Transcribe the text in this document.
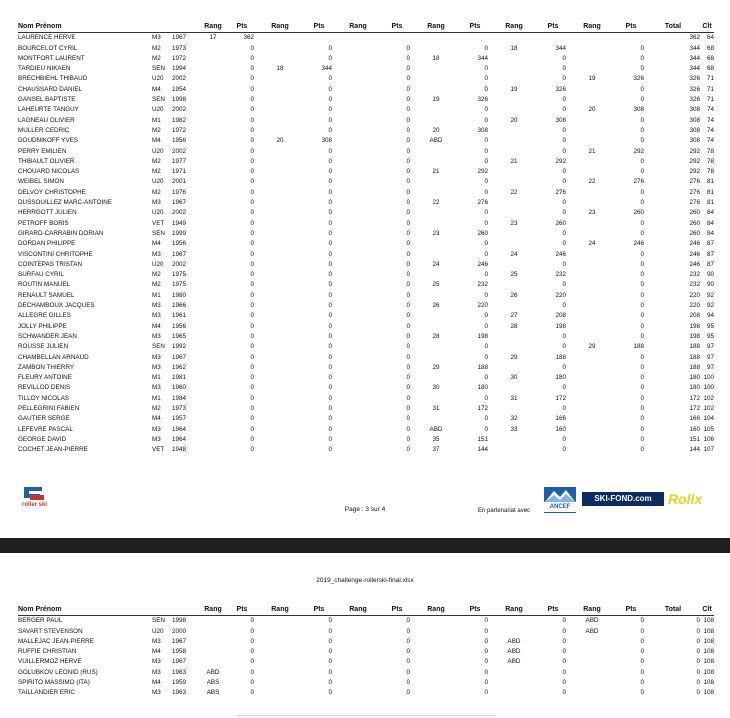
Nom Prénom			Rang	Pts	Rang	Pts	Rang	Pts	Rang	Pts	Rang	Pts	Rang	Pts	Total	Clt
LAURENCE HERVE	M3	1967	17	362											362	64
BOURCELOT CYRIL	M2	1973		0		0		0		0	18	344		0	344	68
MONTFORT LAURENT	M2	1972		0		0		0	18	344		0		0	344	68
TARDIEU NIKAEN	SEN	1994		0	18	344		0		0		0		0	344	68
BRECHBIEHL THIBAUD	U20	2002		0		0		0		0		0	19	326	326	71
CHAUSSARD DANIEL	M4	1954		0		0		0		0	19	326		0	326	71
GANSEL BAPTISTE	SEN	1998		0		0		0	19	326		0		0	326	71
LAHEURTE TANGUY	U20	2002		0		0		0		0		0	20	308	308	74
LAGNEAU OLIVIER	M1	1982		0		0		0		0	20	308		0	308	74
MULLER CEDRIC	M2	1972		0		0		0	20	308		0		0	308	74
DOUDNIKOFF YVES	M4	1956		0	20	308		0	ABD	0		0		0	308	74
PERRY EMILIEN	U20	2002		0		0		0		0		0	21	292	292	78
THIBAULT OLIVIER	M2	1977		0		0		0		0	21	292		0	292	78
CHOUARD NICOLAS	M2	1971		0		0		0	21	292		0		0	292	78
WEIBEL SIMON	U20	2001		0		0		0		0		0	22	276	276	81
DELVOY CHRISTOPHE	M2	1976		0		0		0		0	22	276		0	276	81
DUSSOUILLEZ MARC-ANTOINE	M3	1967		0		0		0	22	276		0		0	276	81
HERRGOTT JULIEN	U20	2002		0		0		0		0		0	23	260	260	84
PETROFF BORIS	VET	1949		0		0		0		0	23	260		0	260	84
GIRARD-CARRABIN DORIAN	SEN	1999		0		0		0	23	260		0		0	260	84
DORDAN PHILIPPE	M4	1956		0		0		0		0		0	24	246	246	87
VISCONTINI CHRITOPHE	M3	1967		0		0		0		0	24	246		0	246	87
COINTEPAS TRISTAN	U20	2002		0		0		0	24	246		0		0	246	87
SURFAU CYRIL	M2	1975		0		0		0		0	25	232		0	232	90
ROUTIN MANUEL	M2	1975		0		0		0	25	232		0		0	232	90
RENAULT SAMUEL	M1	1980		0		0		0		0	26	220		0	220	92
DECHAMBOUX JACQUES	M3	1966		0		0		0	26	220		0		0	220	92
ALLEGRE GILLES	M3	1961		0		0		0		0	27	208		0	208	94
JOLLY PHILIPPE	M4	1956		0		0		0		0	28	198		0	198	95
SCHWANDER JEAN	M3	1965		0		0		0	28	198		0		0	198	95
ROUSSE JULIEN	SEN	1992		0		0		0		0		0	29	188	188	97
CHAMBELLAN ARNAUD	M3	1967		0		0		0		0	29	188		0	188	97
ZAMBON THIERRY	M3	1962		0		0		0	29	188		0		0	188	97
FLEURY ANTOINE	M1	1981		0		0		0		0	30	180		0	180	100
REVILLOD DENIS	M3	1960		0		0		0	30	180		0		0	180	100
TILLOY NICOLAS	M1	1984		0		0		0		0	31	172		0	172	102
PELLEGRINI FABIEN	M2	1973		0		0		0	31	172		0		0	172	102
GAUTIER SERGE	M4	1957		0		0		0		0	32	166		0	166	104
LEFEVRE PASCAL	M3	1964		0		0		0	ABD	0	33	160		0	160	105
GEORGE DAVID	M3	1964		0		0		0	35	151		0		0	151	106
COCHET JEAN-PIERRE	VET	1948		0		0		0	37	144		0		0	144	107
roller ski
Page : 3 sur 4	En partenariat avec
ANCEF
SKI-FOND.com	Rollx
2019_challenge-rollerski-final.xlsx
Nom Prénom			Rang	Pts	Rang	Pts	Rang	Pts	Rang	Pts	Rang	Pts	Rang	Pts	Total	Clt
BERGER PAUL	SEN	1998		0		0		0		0		0	ABD	0	0	108
SAVART STEVENSON	U20	2000		0		0		0		0		0	ABD	0	0	108
MALLEJAC JEAN-PIERRE	M3	1967		0		0		0		0	ABD	0		0	0	108
RUFFIE CHRISTIAN	M4	1958		0		0		0		0	ABD	0		0	0	108
VUILLERMOZ HERVE	M3	1967		0		0		0		0	ABD	0		0	0	108
GOLUBKOV LEONID (RUS)	M3	1963	ABD	0		0		0		0		0		0	0	108
SPIRITO MASSIMO (ITA)	M4	1959	ABS	0		0		0		0		0		0	0	108
TAILLANDIER ERIC	M3	1963	ABS	0		0		0		0		0		0	0	108
